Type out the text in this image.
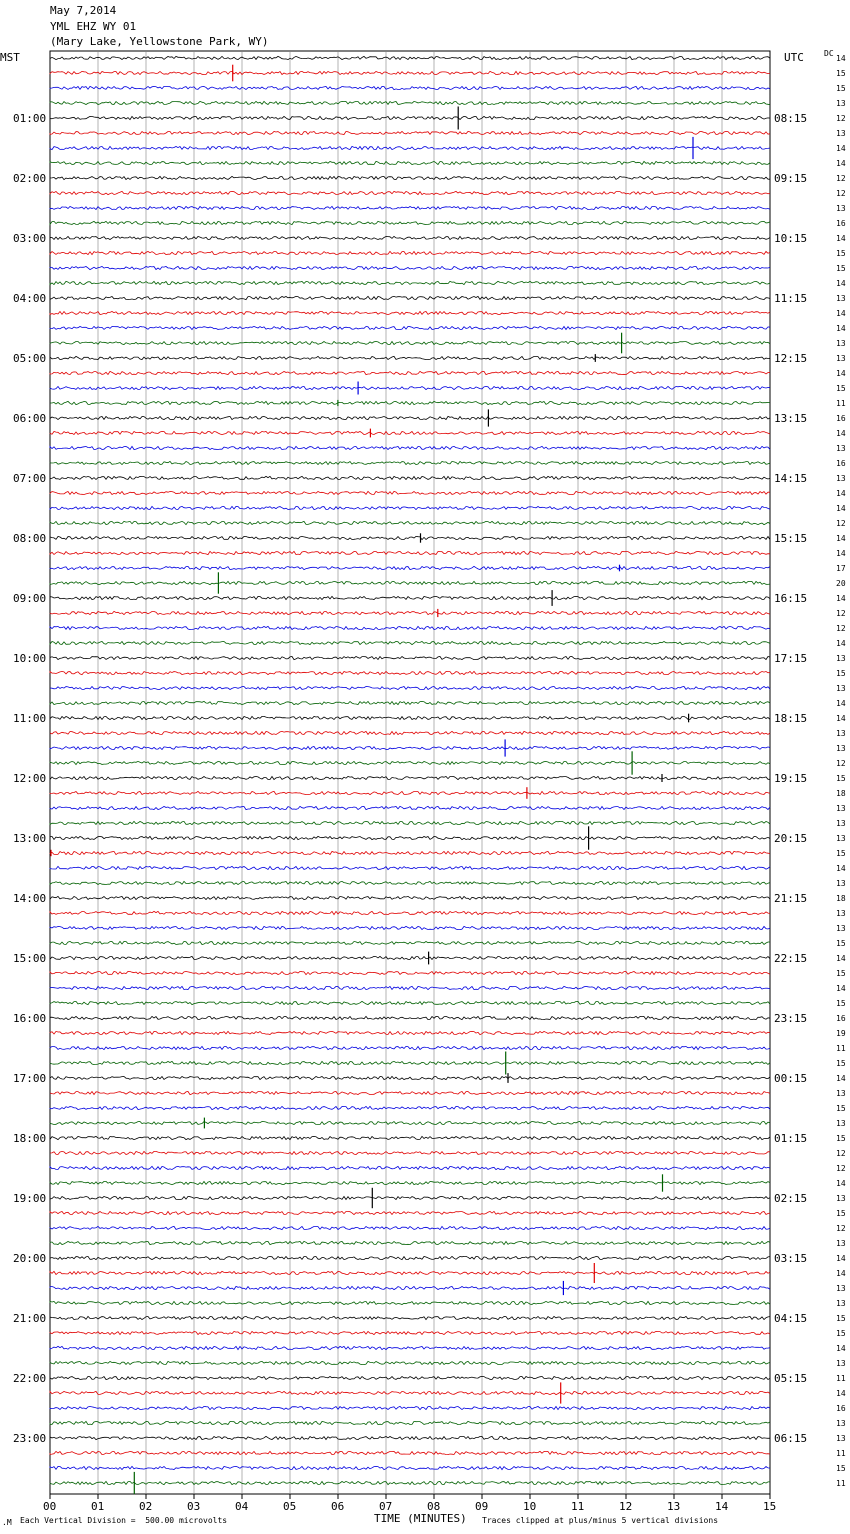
May 7,2014
YML EHZ WY 01
(Mary Lake, Yellowstone Park, WY)
01:00
02:00
03:00
04:00
05:00
06:00
07:00
08:00
09:00
10:00
11:00
12:00
13:00
14:00
15:00
16:00
17:00
18:00
19:00
20:00
21:00
22:00
23:00
08:15
09:15
10:15
11:15
12:15
13:15
14:15
15:15
16:15
17:15
18:15
19:15
20:15
21:15
22:15
23:15
00:15
01:15
02:15
03:15
04:15
05:15
06:15
14
15
15
13
12
13
14
14
12
12
13
16
14
15
15
14
13
14
14
13
13
14
15
11
16
14
13
16
13
14
14
12
14
14
17
20
14
12
12
14
13
15
13
14
14
13
13
12
15
18
13
13
13
15
14
13
18
13
13
15
14
15
14
15
16
19
11
15
14
13
15
13
15
12
12
14
13
15
12
13
14
14
13
13
15
15
14
13
11
14
16
13
13
11
15
11
MST	UTC	DC
00	01	02	03	04	05	06	07	08	09	10	11	12	13	14	15
.M Each Vertical Division =  500.00 microvolts	TIME (MINUTES) Traces clipped at plus/minus 5 vertical divisions
